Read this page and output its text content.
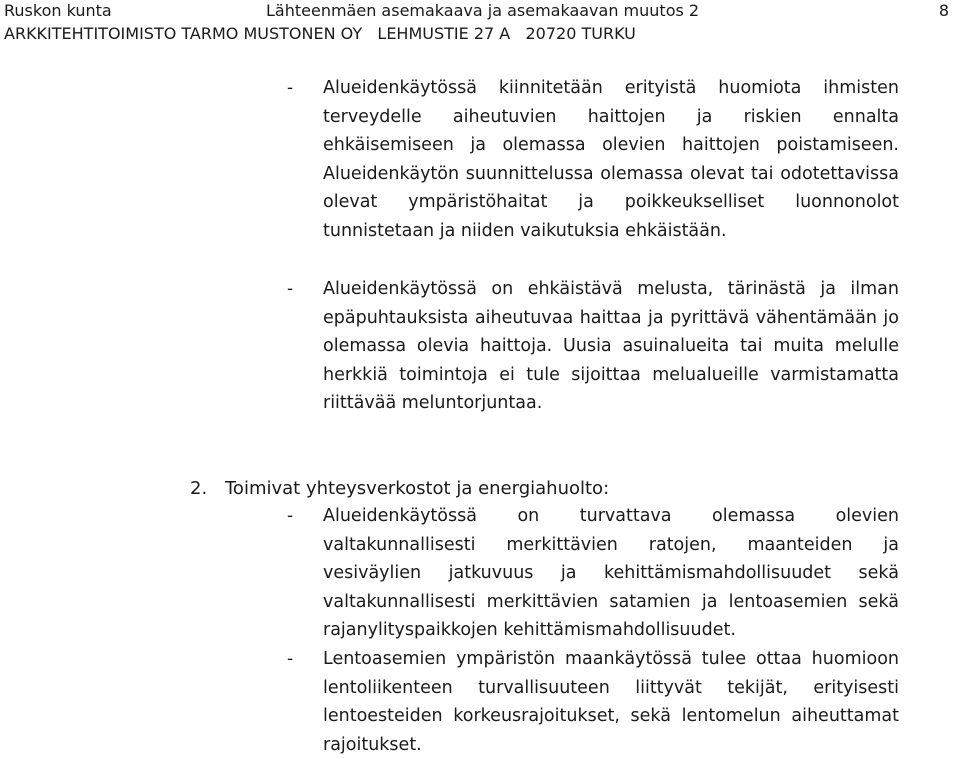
Ruskon kunta	Lähteenmäen asemakaava ja asemakaavan muutos 2	8
ARKKITEHTITOIMISTO TARMO MUSTONEN OY LEHMUSTIE 27 A 20720 TURKU
-	Alueidenkäytössä kiinnitetään erityistä huomiota ihmisten terveydelle aiheutuvien haittojen ja riskien ennalta ehkäisemiseen ja olemassa olevien haittojen poistamiseen. Alueidenkäytön suunnittelussa olemassa olevat tai odotettavissa olevat ympäristöhaitat ja poikkeukselliset luonnonolot tunnistetaan ja niiden vaikutuksia ehkäistään.
-	Alueidenkäytössä on ehkäistävä melusta, tärinästä ja ilman epäpuhtauksista aiheutuvaa haittaa ja pyrittävä vähentämään jo olemassa olevia haittoja. Uusia asuinalueita tai muita melulle herkkiä toimintoja ei tule sijoittaa melualueille varmistamatta riittävää meluntorjuntaa.
2. Toimivat yhteysverkostot ja energiahuolto:
-	Alueidenkäytössä on turvattava olemassa olevien valtakunnallisesti merkittävien ratojen, maanteiden ja vesiväylien jatkuvuus ja kehittämismahdollisuudet sekä valtakunnallisesti merkittävien satamien ja lentoasemien sekä rajanylityspaikkojen kehittämismahdollisuudet.
-	Lentoasemien ympäristön maankäytössä tulee ottaa huomioon lentoliikenteen turvallisuuteen liittyvät tekijät, erityisesti lentoesteiden korkeusrajoitukset, sekä lentomelun aiheuttamat rajoitukset.
